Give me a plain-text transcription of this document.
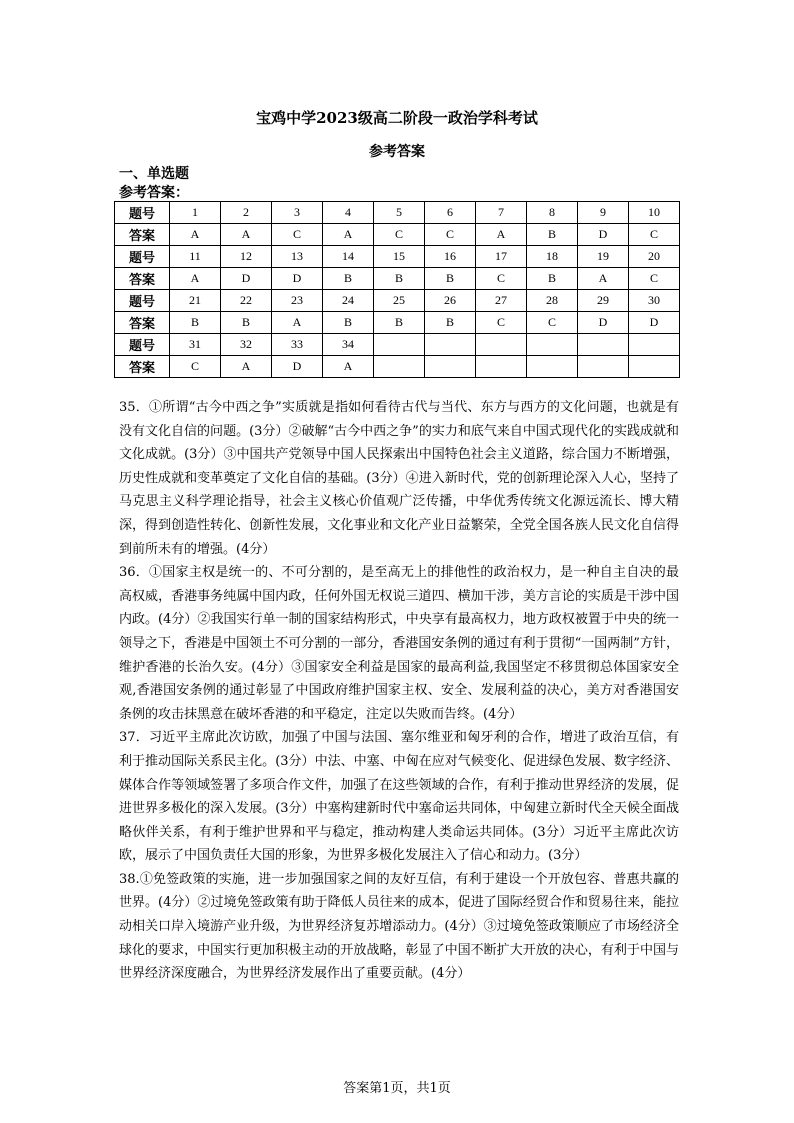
宝鸡中学2023级高二阶段一政治学科考试
参考答案
一、单选题
参考答案：
题号	1	2	3	4	5	6	7	8	9	10
答案	A	A	C	A	C	C	A	B	D	C
题号	11	12	13	14	15	16	17	18	19	20
答案	A	D	D	B	B	B	C	B	A	C
题号	21	22	23	24	25	26	27	28	29	30
答案	B	B	A	B	B	B	C	C	D	D
题号	31	32	33	34						
答案	C	A	D	A						

35．①所谓“古今中西之争”实质就是指如何看待古代与当代、东方与西方的文化问题，也就是有没有文化自信的问题。(3分）②破解“古今中西之争”的实力和底气来自中国式现代化的实践成就和文化成就。(3分）③中国共产党领导中国人民探索出中国特色社会主义道路，综合国力不断增强，历史性成就和变革奠定了文化自信的基础。(3分）④进入新时代，党的创新理论深入人心，坚持了马克思主义科学理论指导，社会主义核心价值观广泛传播，中华优秀传统文化源远流长、博大精深，得到创造性转化、创新性发展，文化事业和文化产业日益繁荣，全党全国各族人民文化自信得到前所未有的增强。(4分）

36．①国家主权是统一的、不可分割的，是至高无上的排他性的政治权力，是一种自主自决的最高权威，香港事务纯属中国内政，任何外国无权说三道四、横加干涉，美方言论的实质是干涉中国内政。(4分）②我国实行单一制的国家结构形式，中央享有最高权力，地方政权被置于中央的统一领导之下，香港是中国领土不可分割的一部分，香港国安条例的通过有利于贯彻“一国两制”方针，维护香港的长治久安。(4分）③国家安全利益是国家的最高利益,我国坚定不移贯彻总体国家安全观,香港国安条例的通过彰显了中国政府维护国家主权、安全、发展利益的决心，美方对香港国安条例的攻击抹黑意在破坏香港的和平稳定，注定以失败而告终。(4分）

37．习近平主席此次访欧，加强了中国与法国、塞尔维亚和匈牙利的合作，增进了政治互信，有利于推动国际关系民主化。(3分）中法、中塞、中匈在应对气候变化、促进绿色发展、数字经济、媒体合作等领域签署了多项合作文件，加强了在这些领域的合作，有利于推动世界经济的发展，促进世界多极化的深入发展。(3分）中塞构建新时代中塞命运共同体，中匈建立新时代全天候全面战略伙伴关系，有利于维护世界和平与稳定，推动构建人类命运共同体。(3分）习近平主席此次访欧，展示了中国负责任大国的形象，为世界多极化发展注入了信心和动力。(3分）

38.①免签政策的实施，进一步加强国家之间的友好互信，有利于建设一个开放包容、普惠共赢的世界。(4分）②过境免签政策有助于降低人员往来的成本，促进了国际经贸合作和贸易往来，能拉动相关口岸入境游产业升级，为世界经济复苏增添动力。(4分）③过境免签政策顺应了市场经济全球化的要求，中国实行更加积极主动的开放战略，彰显了中国不断扩大开放的决心，有利于中国与世界经济深度融合，为世界经济发展作出了重要贡献。(4分）

答案第1页，共1页
